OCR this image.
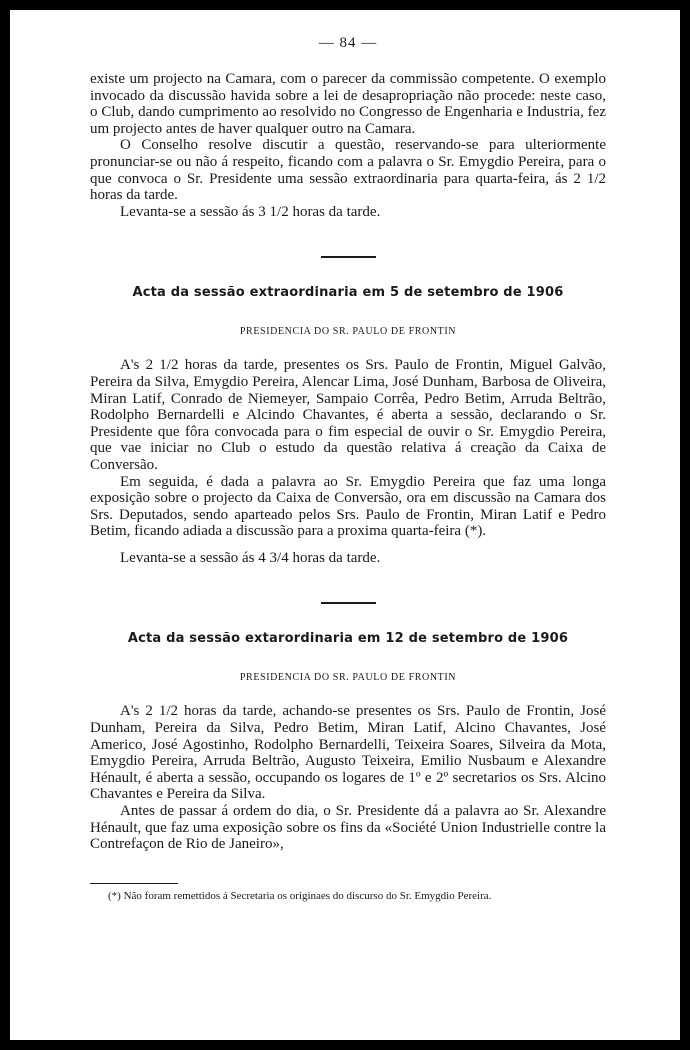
— 84 —

existe um projecto na Camara, com o parecer da commissão competente. O exemplo invocado da discussão havida sobre a lei de desapropriação não procede: neste caso, o Club, dando cumprimento ao resolvido no Congresso de Engenharia e Industria, fez um projecto antes de haver qualquer outro na Camara.

O Conselho resolve discutir a questão, reservando-se para ulteriormente pronunciar-se ou não á respeito, ficando com a palavra o Sr. Emygdio Pereira, para o que convoca o Sr. Presidente uma sessão extraordinaria para quarta-feira, ás 2 1/2 horas da tarde.

Levanta-se a sessão ás 3 1/2 horas da tarde.

Acta da sessão extraordinaria em 5 de setembro de 1906
PRESIDENCIA DO SR. PAULO DE FRONTIN

A's 2 1/2 horas da tarde, presentes os Srs. Paulo de Frontin, Miguel Galvão, Pereira da Silva, Emygdio Pereira, Alencar Lima, José Dunham, Barbosa de Oliveira, Miran Latif, Conrado de Niemeyer, Sampaio Corrêa, Pedro Betim, Arruda Beltrão, Rodolpho Bernardelli e Alcindo Chavantes, é aberta a sessão, declarando o Sr. Presidente que fôra convocada para o fim especial de ouvir o Sr. Emygdio Pereira, que vae iniciar no Club o estudo da questão relativa á creação da Caixa de Conversão.

Em seguida, é dada a palavra ao Sr. Emygdio Pereira que faz uma longa exposição sobre o projecto da Caixa de Conversão, ora em discussão na Camara dos Srs. Deputados, sendo aparteado pelos Srs. Paulo de Frontin, Miran Latif e Pedro Betim, ficando adiada a discussão para a proxima quarta-feira (*).

Levanta-se a sessão ás 4 3/4 horas da tarde.

Acta da sessão extarordinaria em 12 de setembro de 1906
PRESIDENCIA DO SR. PAULO DE FRONTIN

A's 2 1/2 horas da tarde, achando-se presentes os Srs. Paulo de Frontin, José Dunham, Pereira da Silva, Pedro Betim, Miran Latif, Alcino Chavantes, José Americo, José Agostinho, Rodolpho Bernardelli, Teixeira Soares, Silveira da Mota, Emygdio Pereira, Arruda Beltrão, Augusto Teixeira, Emilio Nusbaum e Alexandre Hénault, é aberta a sessão, occupando os logares de 1º e 2º secretarios os Srs. Alcino Chavantes e Pereira da Silva.

Antes de passar á ordem do dia, o Sr. Presidente dá a palavra ao Sr. Alexandre Hénault, que faz uma exposição sobre os fins da «Société Union Industrielle contre la Contrefaçon de Rio de Janeiro»,

(*) Não foram remettidos á Secretaria os originaes do discurso do Sr. Emygdio Pereira.
